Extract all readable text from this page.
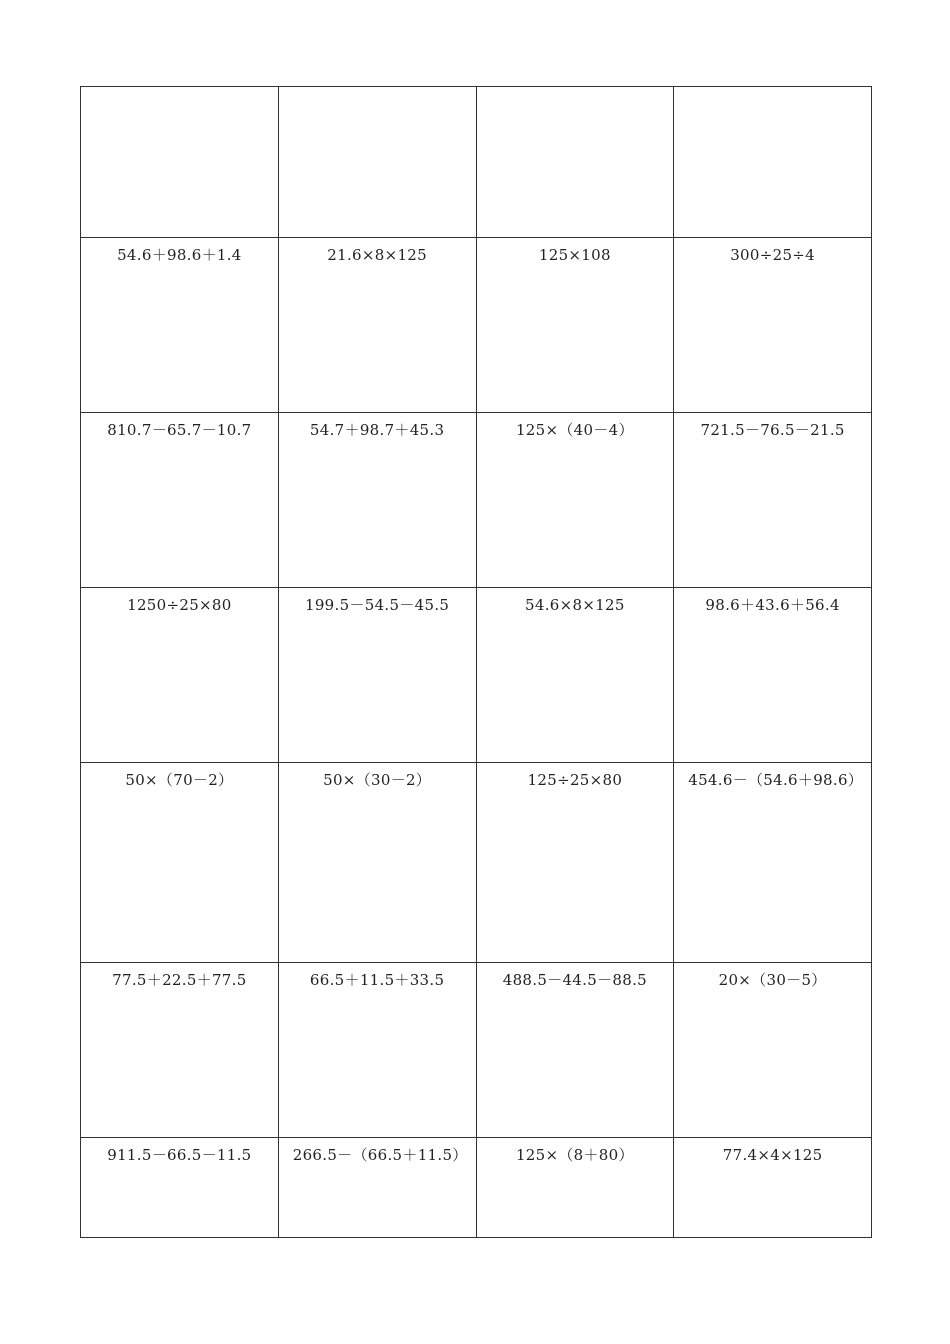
54.6＋98.6＋1.4	21.6×8×125	125×108	300÷25÷4
810.7－65.7－10.7	54.7＋98.7＋45.3	125×（40－4）	721.5－76.5－21.5
1250÷25×80	199.5－54.5－45.5	54.6×8×125	98.6＋43.6＋56.4
50×（70－2）	50×（30－2）	125÷25×80	454.6－（54.6＋98.6）
77.5＋22.5＋77.5	66.5＋11.5＋33.5	488.5－44.5－88.5	20×（30－5）
911.5－66.5－11.5	266.5－（66.5＋11.5）	125×（8＋80）	77.4×4×125
